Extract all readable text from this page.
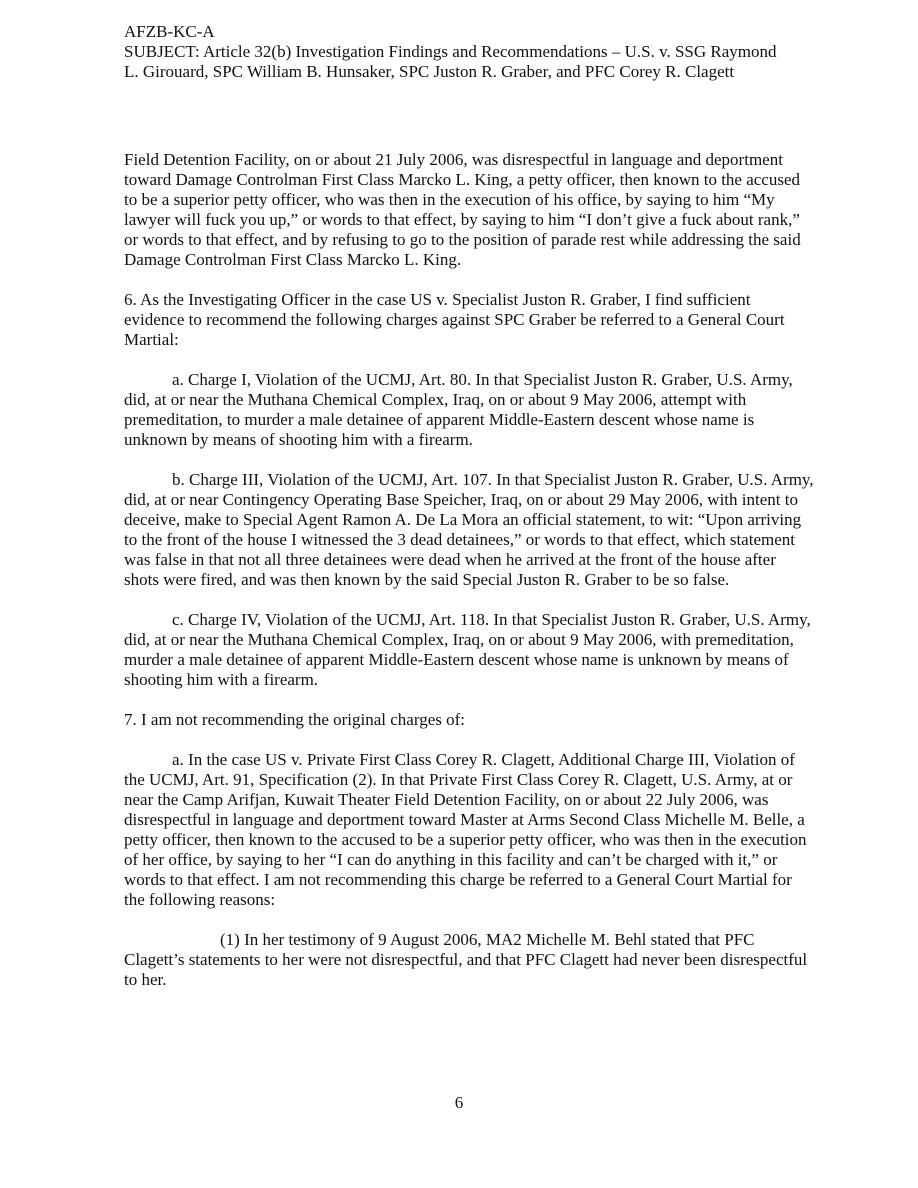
AFZB-KC-A
SUBJECT: Article 32(b) Investigation Findings and Recommendations – U.S. v. SSG Raymond
L. Girouard, SPC William B. Hunsaker, SPC Juston R. Graber, and PFC Corey R. Clagett

Field Detention Facility, on or about 21 July 2006, was disrespectful in language and deportment toward Damage Controlman First Class Marcko L. King, a petty officer, then known to the accused to be a superior petty officer, who was then in the execution of his office, by saying to him “My lawyer will fuck you up,” or words to that effect, by saying to him “I don’t give a fuck about rank,” or words to that effect, and by refusing to go to the position of parade rest while addressing the said Damage Controlman First Class Marcko L. King.

6. As the Investigating Officer in the case US v. Specialist Juston R. Graber, I find sufficient evidence to recommend the following charges against SPC Graber be referred to a General Court Martial:

a. Charge I, Violation of the UCMJ, Art. 80. In that Specialist Juston R. Graber, U.S. Army, did, at or near the Muthana Chemical Complex, Iraq, on or about 9 May 2006, attempt with premeditation, to murder a male detainee of apparent Middle-Eastern descent whose name is unknown by means of shooting him with a firearm.

b. Charge III, Violation of the UCMJ, Art. 107. In that Specialist Juston R. Graber, U.S. Army, did, at or near Contingency Operating Base Speicher, Iraq, on or about 29 May 2006, with intent to deceive, make to Special Agent Ramon A. De La Mora an official statement, to wit: “Upon arriving to the front of the house I witnessed the 3 dead detainees,” or words to that effect, which statement was false in that not all three detainees were dead when he arrived at the front of the house after shots were fired, and was then known by the said Special Juston R. Graber to be so false.

c. Charge IV, Violation of the UCMJ, Art. 118. In that Specialist Juston R. Graber, U.S. Army, did, at or near the Muthana Chemical Complex, Iraq, on or about 9 May 2006, with premeditation, murder a male detainee of apparent Middle-Eastern descent whose name is unknown by means of shooting him with a firearm.

7. I am not recommending the original charges of:

a. In the case US v. Private First Class Corey R. Clagett, Additional Charge III, Violation of the UCMJ, Art. 91, Specification (2). In that Private First Class Corey R. Clagett, U.S. Army, at or near the Camp Arifjan, Kuwait Theater Field Detention Facility, on or about 22 July 2006, was disrespectful in language and deportment toward Master at Arms Second Class Michelle M. Belle, a petty officer, then known to the accused to be a superior petty officer, who was then in the execution of her office, by saying to her “I can do anything in this facility and can’t be charged with it,” or words to that effect. I am not recommending this charge be referred to a General Court Martial for the following reasons:

(1) In her testimony of 9 August 2006, MA2 Michelle M. Behl stated that PFC Clagett’s statements to her were not disrespectful, and that PFC Clagett had never been disrespectful to her.

6
